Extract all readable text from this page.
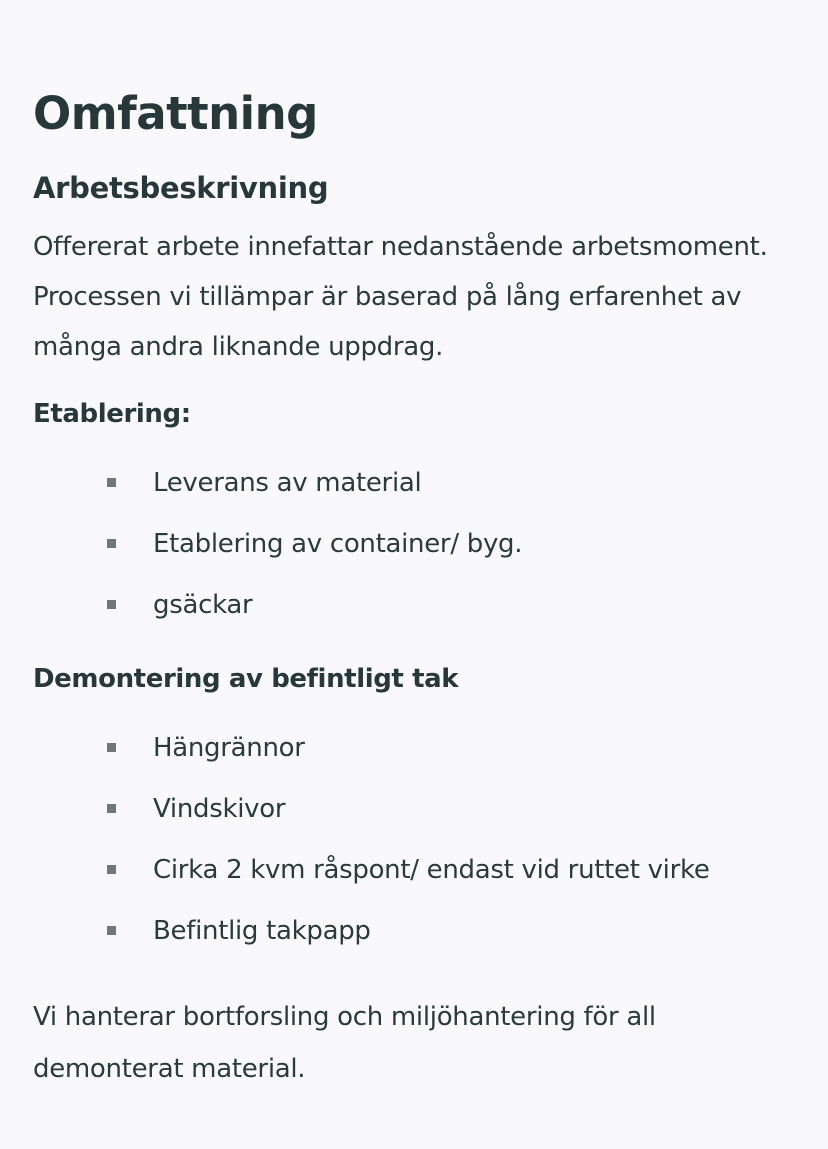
Omfattning
Arbetsbeskrivning

Offererat arbete innefattar nedanstående arbetsmoment. Processen vi tillämpar är baserad på lång erfarenhet av många andra liknande uppdrag.

Etablering:
Leverans av material
Etablering av container/ byg.
gsäckar
Demontering av befintligt tak
Hängrännor
Vindskivor
Cirka 2 kvm råspont/ endast vid ruttet virke
Befintlig takpapp

Vi hanterar bortforsling och miljöhantering för all demonterat material.
